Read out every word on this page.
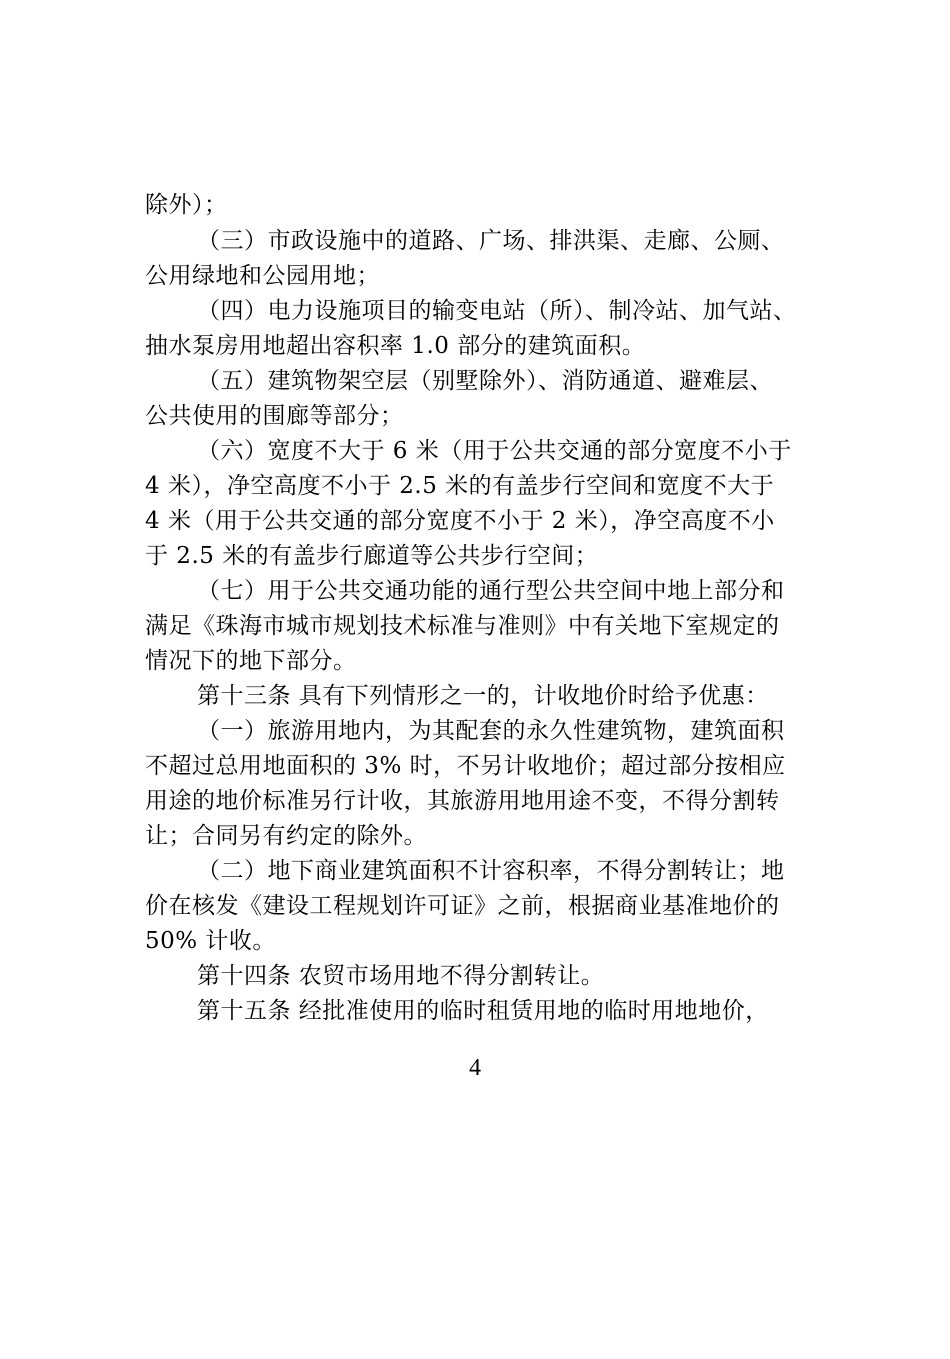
除外）；
（三）市政设施中的道路、广场、排洪渠、走廊、公厕、
公用绿地和公园用地；
（四）电力设施项目的输变电站（所）、制冷站、加气站、
抽水泵房用地超出容积率 1.0 部分的建筑面积。
（五）建筑物架空层（别墅除外）、消防通道、避难层、
公共使用的围廊等部分；
（六）宽度不大于 6 米（用于公共交通的部分宽度不小于
4 米），净空高度不小于 2.5 米的有盖步行空间和宽度不大于
4 米（用于公共交通的部分宽度不小于 2 米），净空高度不小
于 2.5 米的有盖步行廊道等公共步行空间；
（七）用于公共交通功能的通行型公共空间中地上部分和
满足《珠海市城市规划技术标准与准则》中有关地下室规定的
情况下的地下部分。
第十三条 具有下列情形之一的，计收地价时给予优惠：
（一）旅游用地内，为其配套的永久性建筑物，建筑面积
不超过总用地面积的 3% 时，不另计收地价；超过部分按相应
用途的地价标准另行计收，其旅游用地用途不变，不得分割转
让；合同另有约定的除外。
（二）地下商业建筑面积不计容积率，不得分割转让；地
价在核发《建设工程规划许可证》之前，根据商业基准地价的
50% 计收。
第十四条 农贸市场用地不得分割转让。
第十五条 经批准使用的临时租赁用地的临时用地地价，
4
